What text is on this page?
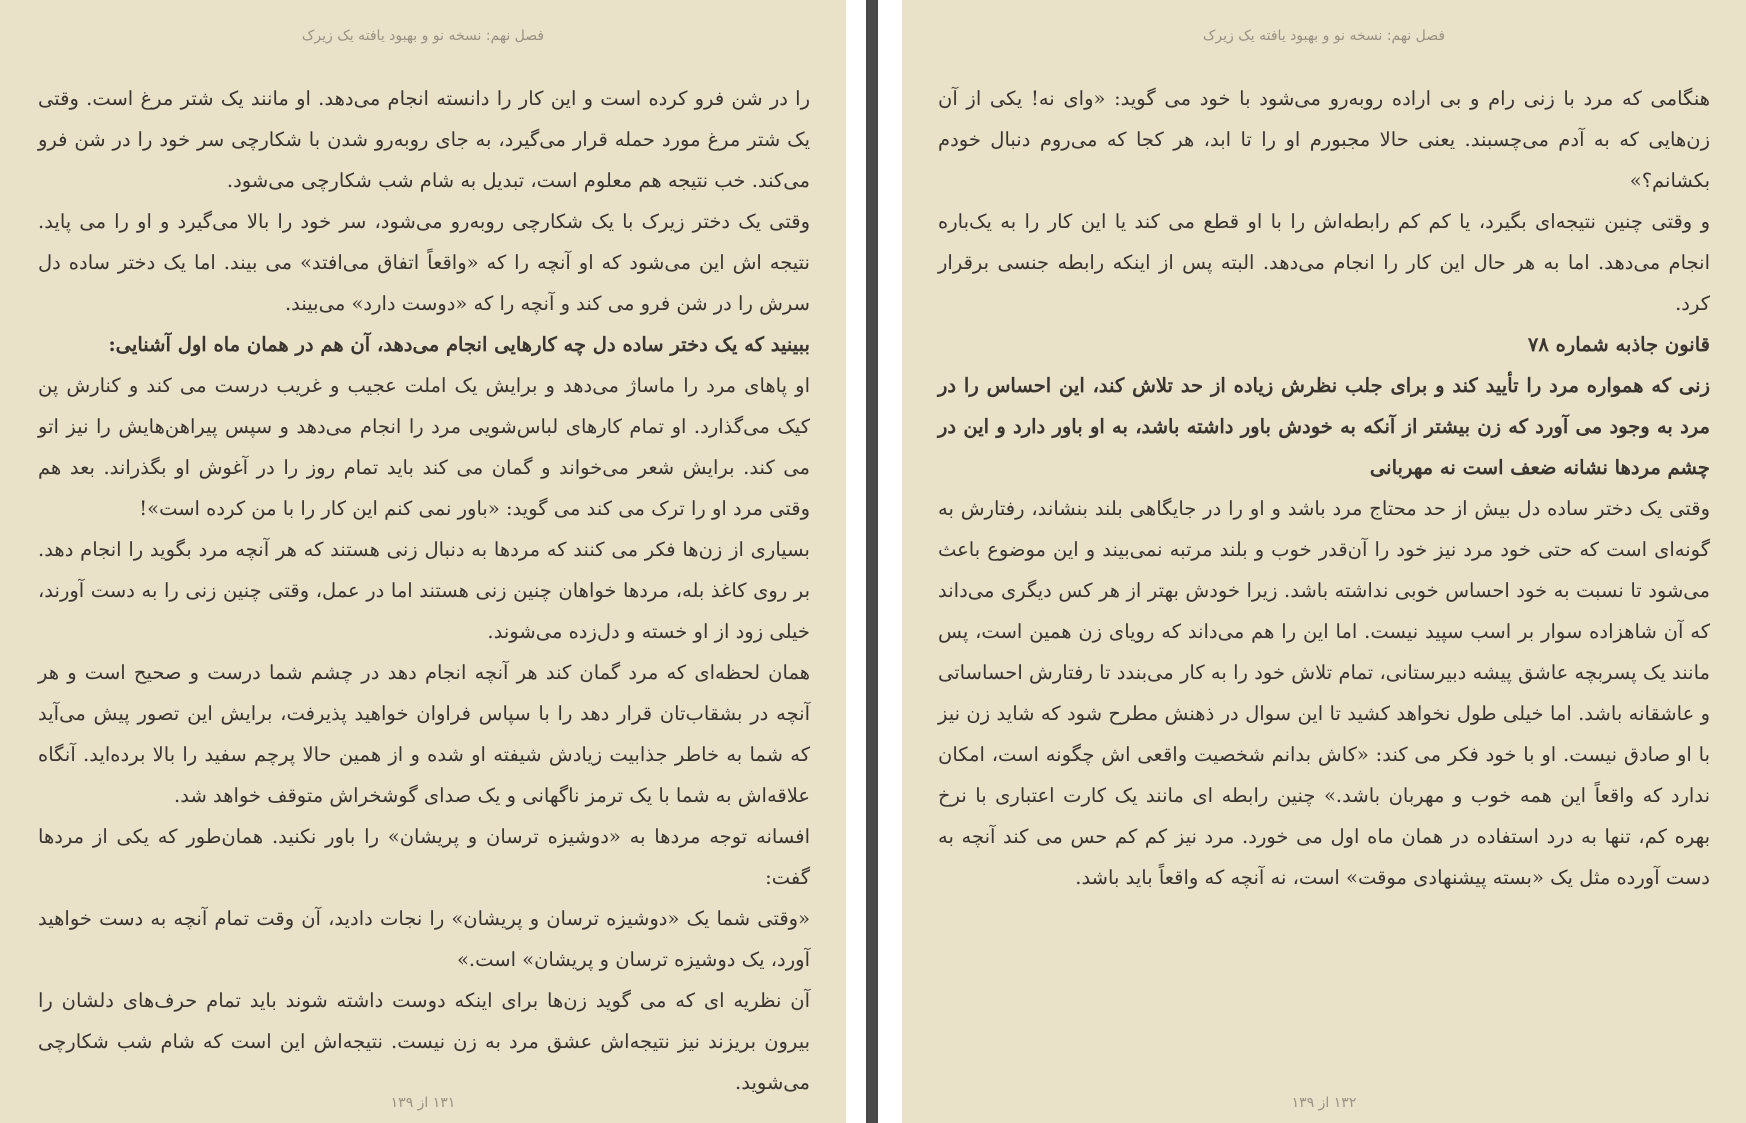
فصل نهم: نسخه نو و بهبود یافته یک زیرک

را در شن فرو کرده است و این کار را دانسته انجام می‌دهد. او مانند یک شتر مرغ است. وقتی یک شتر مرغ مورد حمله قرار می‌گیرد، به جای روبه‌رو شدن با شکارچی سر خود را در شن فرو می‌کند. خب نتیجه هم معلوم است، تبدیل به شام شب شکارچی می‌شود.

وقتی یک دختر زیرک با یک شکارچی روبه‌رو می‌شود، سر خود را بالا می‌گیرد و او را می پاید. نتیجه اش این می‌شود که او آنچه را که «واقعاً اتفاق می‌افتد» می بیند. اما یک دختر ساده دل سرش را در شن فرو می کند و آنچه را که «دوست دارد» می‌بیند.

ببینید که یک دختر ساده دل چه کارهایی انجام می‌دهد، آن هم در همان ماه اول آشنایی:

او پاهای مرد را ماساژ می‌دهد و برایش یک املت عجیب و غریب درست می کند و کنارش پن کیک می‌گذارد. او تمام کارهای لباس‌شویی مرد را انجام می‌دهد و سپس پیراهن‌هایش را نیز اتو می کند. برایش شعر می‌خواند و گمان می کند باید تمام روز را در آغوش او بگذراند. بعد هم وقتی مرد او را ترک می کند می گوید: «باور نمی کنم این کار را با من کرده است»!

بسیاری از زن‌ها فکر می کنند که مردها به دنبال زنی هستند که هر آنچه مرد بگوید را انجام دهد. بر روی کاغذ بله، مردها خواهان چنین زنی هستند اما در عمل، وقتی چنین زنی را به دست آورند، خیلی زود از او خسته و دل‌زده می‌شوند.

همان لحظه‌ای که مرد گمان کند هر آنچه انجام دهد در چشم شما درست و صحیح است و هر آنچه در بشقاب‌تان قرار دهد را با سپاس فراوان خواهید پذیرفت، برایش این تصور پیش می‌آید که شما به خاطر جذابیت زیادش شیفته او شده و از همین حالا پرچم سفید را بالا برده‌اید. آنگاه علاقه‌اش به شما با یک ترمز ناگهانی و یک صدای گوشخراش متوقف خواهد شد.

افسانه توجه مردها به «دوشیزه ترسان و پریشان» را باور نکنید. همان‌طور که یکی از مردها گفت:

«وقتی شما یک «دوشیزه ترسان و پریشان» را نجات دادید، آن وقت تمام آنچه به دست خواهید آورد، یک دوشیزه ترسان و پریشان» است.»

آن نظریه ای که می گوید زن‌ها برای اینکه دوست داشته شوند باید تمام حرف‌های دلشان را بیرون بریزند نیز نتیجه‌اش عشق مرد به زن نیست. نتیجه‌اش این است که شام شب شکارچی می‌شوید.

۱۳۱ از ۱۳۹
فصل نهم: نسخه نو و بهبود یافته یک زیرک

هنگامی که مرد با زنی رام و بی اراده روبه‌رو می‌شود با خود می گوید: «وای نه! یکی از آن زن‌هایی که به آدم می‌چسبند. یعنی حالا مجبورم او را تا ابد، هر کجا که می‌روم دنبال خودم بکشانم؟»

و وقتی چنین نتیجه‌ای بگیرد، یا کم کم رابطه‌اش را با او قطع می کند یا این کار را به یک‌باره انجام می‌دهد. اما به هر حال این کار را انجام می‌دهد. البته پس از اینکه رابطه جنسی برقرار کرد.

قانون جاذبه شماره ۷۸

زنی که همواره مرد را تأیید کند و برای جلب نظرش زیاده از حد تلاش کند، این احساس را در مرد به وجود می آورد که زن بیشتر از آنکه به خودش باور داشته باشد، به او باور دارد و این در چشم مردها نشانه ضعف است نه مهربانی

وقتی یک دختر ساده دل بیش از حد محتاج مرد باشد و او را در جایگاهی بلند بنشاند، رفتارش به گونه‌ای است که حتی خود مرد نیز خود را آن‌قدر خوب و بلند مرتبه نمی‌بیند و این موضوع باعث می‌شود تا نسبت به خود احساس خوبی نداشته باشد. زیرا خودش بهتر از هر کس دیگری می‌داند که آن شاهزاده سوار بر اسب سپید نیست. اما این را هم می‌داند که رویای زن همین است، پس مانند یک پسربچه عاشق پیشه دبیرستانی، تمام تلاش خود را به کار می‌بندد تا رفتارش احساساتی و عاشقانه باشد. اما خیلی طول نخواهد کشید تا این سوال در ذهنش مطرح شود که شاید زن نیز با او صادق نیست. او با خود فکر می کند: «کاش بدانم شخصیت واقعی اش چگونه است، امکان ندارد که واقعاً این همه خوب و مهربان باشد.» چنین رابطه ای مانند یک کارت اعتباری با نرخ بهره کم، تنها به درد استفاده در همان ماه اول می خورد. مرد نیز کم کم حس می کند آنچه به دست آورده مثل یک «بسته پیشنهادی موقت» است، نه آنچه که واقعاً باید باشد.

۱۳۲ از ۱۳۹
